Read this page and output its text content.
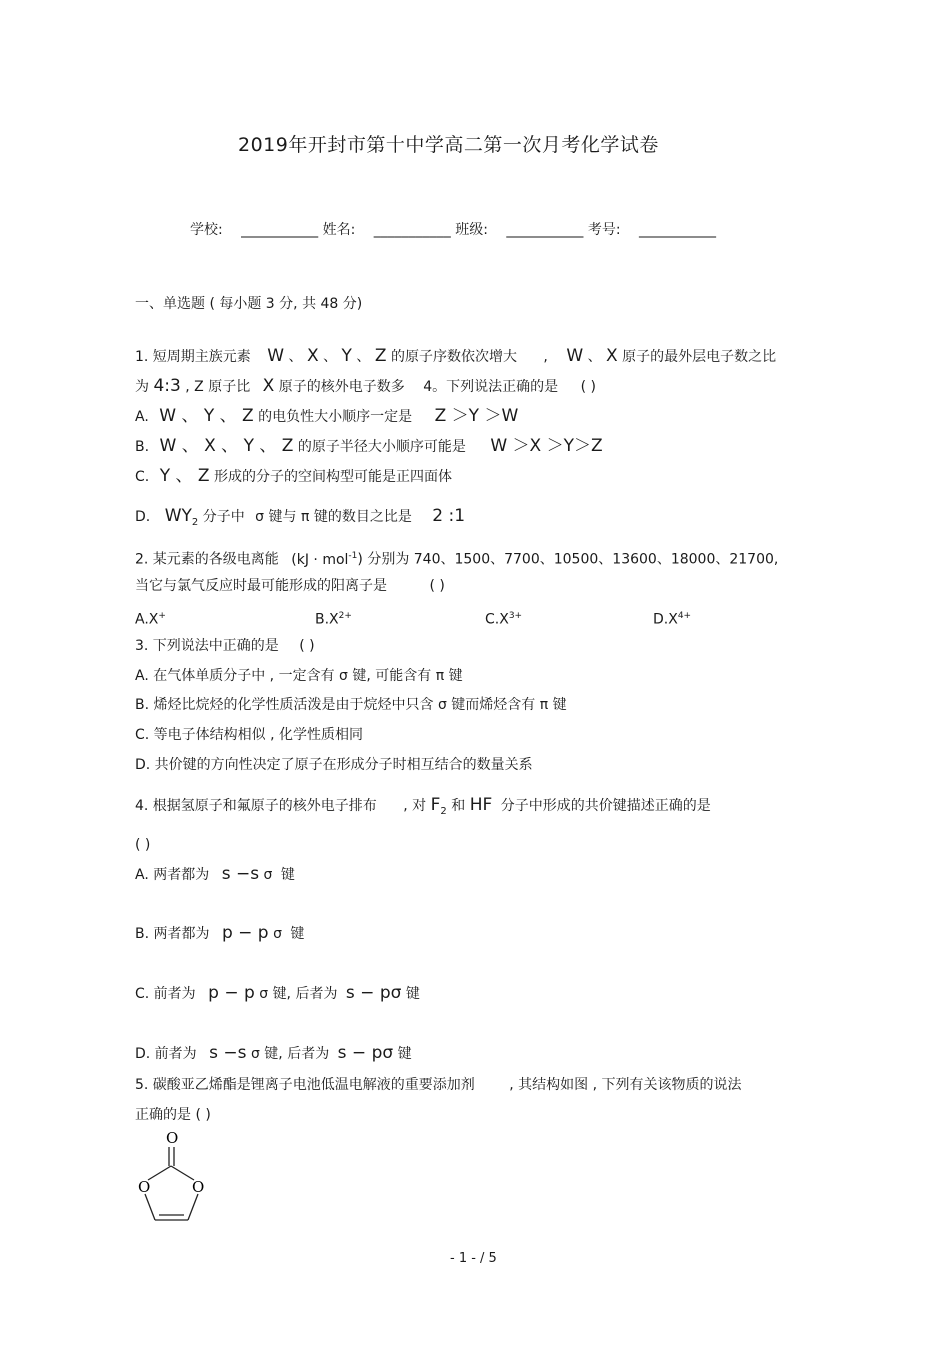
2019年开封市第十中学高二第一次月考化学试卷
学校: ___________ 姓名: ___________ 班级: ___________ 考号: ___________
一、单选题 ( 每小题 3 分, 共 48 分)
1. 短周期主族元素 W 、 X 、 Y 、 Z 的原子序数依次增大 , W 、 X 原子的最外层电子数之比
为 4:3 , Z 原子比 X 原子的核外电子数多 4。下列说法正确的是 ( )
A. W 、 Y 、 Z 的电负性大小顺序一定是 Z ＞Y ＞W
B. W 、 X 、 Y 、 Z 的原子半径大小顺序可能是 W ＞X ＞Y＞Z
C. Y 、 Z 形成的分子的空间构型可能是正四面体
D. $WY_2$ 分子中 σ 键与 π 键的数目之比是 2 :1
2. 某元素的各级电离能 (kJ · mol$^{-1}$) 分别为 740、1500、7700、10500、13600、18000、21700,
当它与氯气反应时最可能形成的阳离子是	( )
A.X+	$B.X^{2+}$	$C.X^{3+}$	$D.X^{4+}$
3. 下列说法中正确的是 ( )
A. 在气体单质分子中 , 一定含有 σ 键, 可能含有 π 键
B. 烯烃比烷烃的化学性质活泼是由于烷烃中只含 σ 键而烯烃含有 π 键
C. 等电子体结构相似 , 化学性质相同
D. 共价键的方向性决定了原子在形成分子时相互结合的数量关系
4. 根据氢原子和氟原子的核外电子排布 , 对 $F_2$ 和 HF 分子中形成的共价键描述正确的是
( )
A. 两者都为 s −s σ 键
B. 两者都为 p − p σ 键
C. 前者为 p − p σ 键, 后者为 s − pσ 键
D. 前者为 s −s σ 键, 后者为 s − pσ 键
5. 碳酸亚乙烯酯是锂离子电池低温电解液的重要添加剂 , 其结构如图 , 下列有关该物质的说法
正确的是 ( )
O
O	O
- 1 - / 5
